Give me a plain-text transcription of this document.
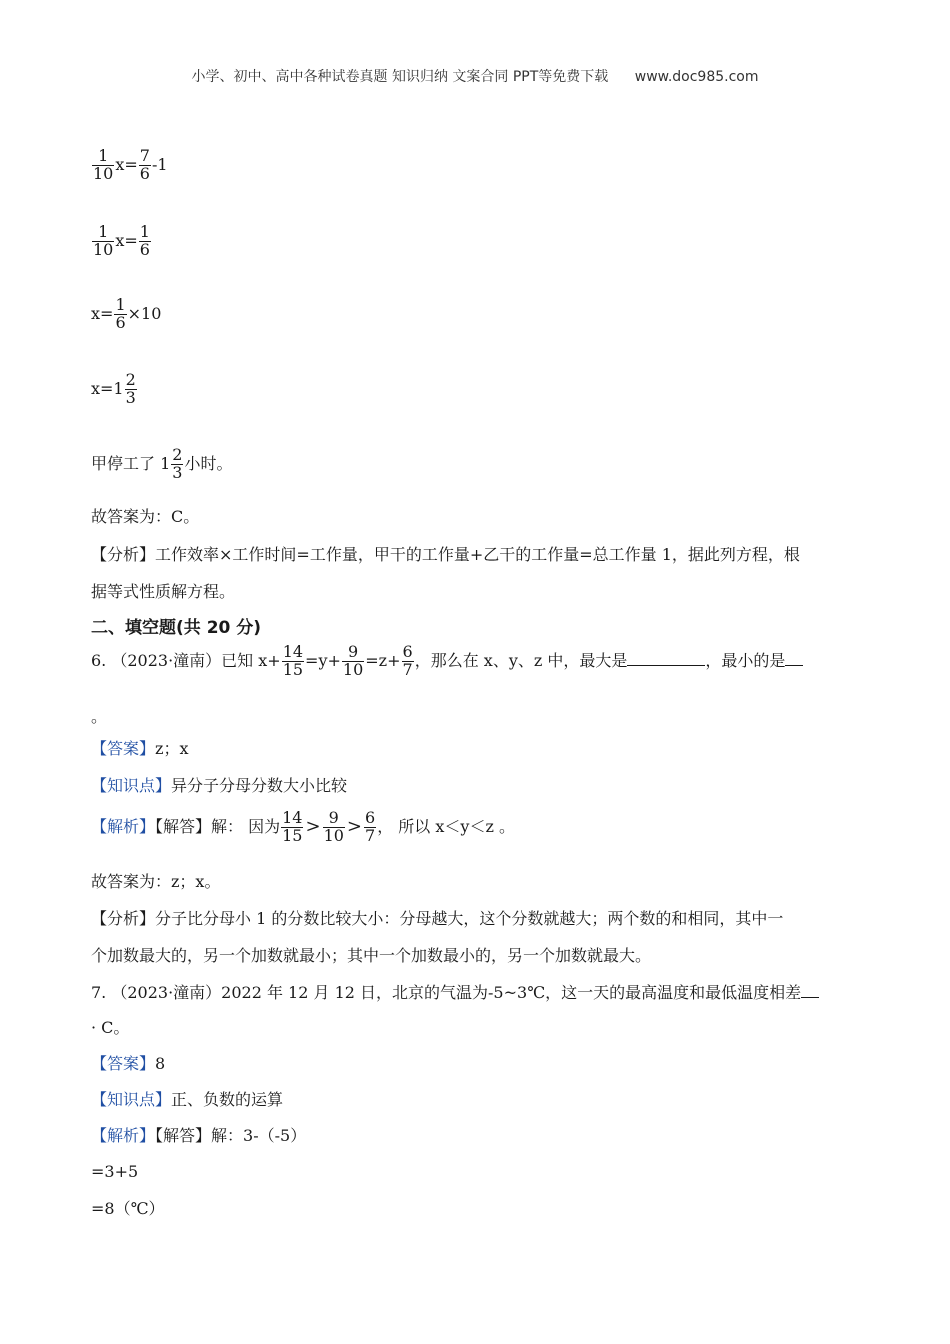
小学、初中、高中各种试卷真题 知识归纳 文案合同 PPT等免费下载 www.doc985.com
$\frac{1}{10} x= \frac{7}{6} -1$
$\frac{1}{10} x= \frac{1}{6}$
$x= \frac{1}{6} \times 10$
$x=1 \frac{2}{3}$
甲停工了 $1 \frac{2}{3}$ 小时。
故答案为：C。
【分析】工作效率×工作时间=工作量，甲干的工作量+乙干的工作量=总工作量 1，据此列方程，根
据等式性质解方程。
二、填空题(共 20 分)
6. （2023·潼南）已知 $x+ \frac{14}{15} =y+ \frac{9}{10} =z+ \frac{6}{7}$ ，那么在 x、y、z 中，最大是	，最小的是
。
【答案】z；x
【知识点】异分子分母分数大小比较
【解析】【解答】解： 因为 $\frac{14}{15} > \frac{9}{10} > \frac{6}{7}$ ， 所以 x＜y＜z 。
故答案为：z；x。
【分析】分子比分母小 1 的分数比较大小：分母越大，这个分数就越大；两个数的和相同，其中一
个加数最大的，另一个加数就最小；其中一个加数最小的，另一个加数就最大。
7. （2023·潼南）2022 年 12 月 12 日，北京的气温为-5~3℃，这一天的最高温度和最低温度相差
· C。
【答案】8
【知识点】正、负数的运算
【解析】【解答】解：3-（-5）
=3+5
=8（℃）
